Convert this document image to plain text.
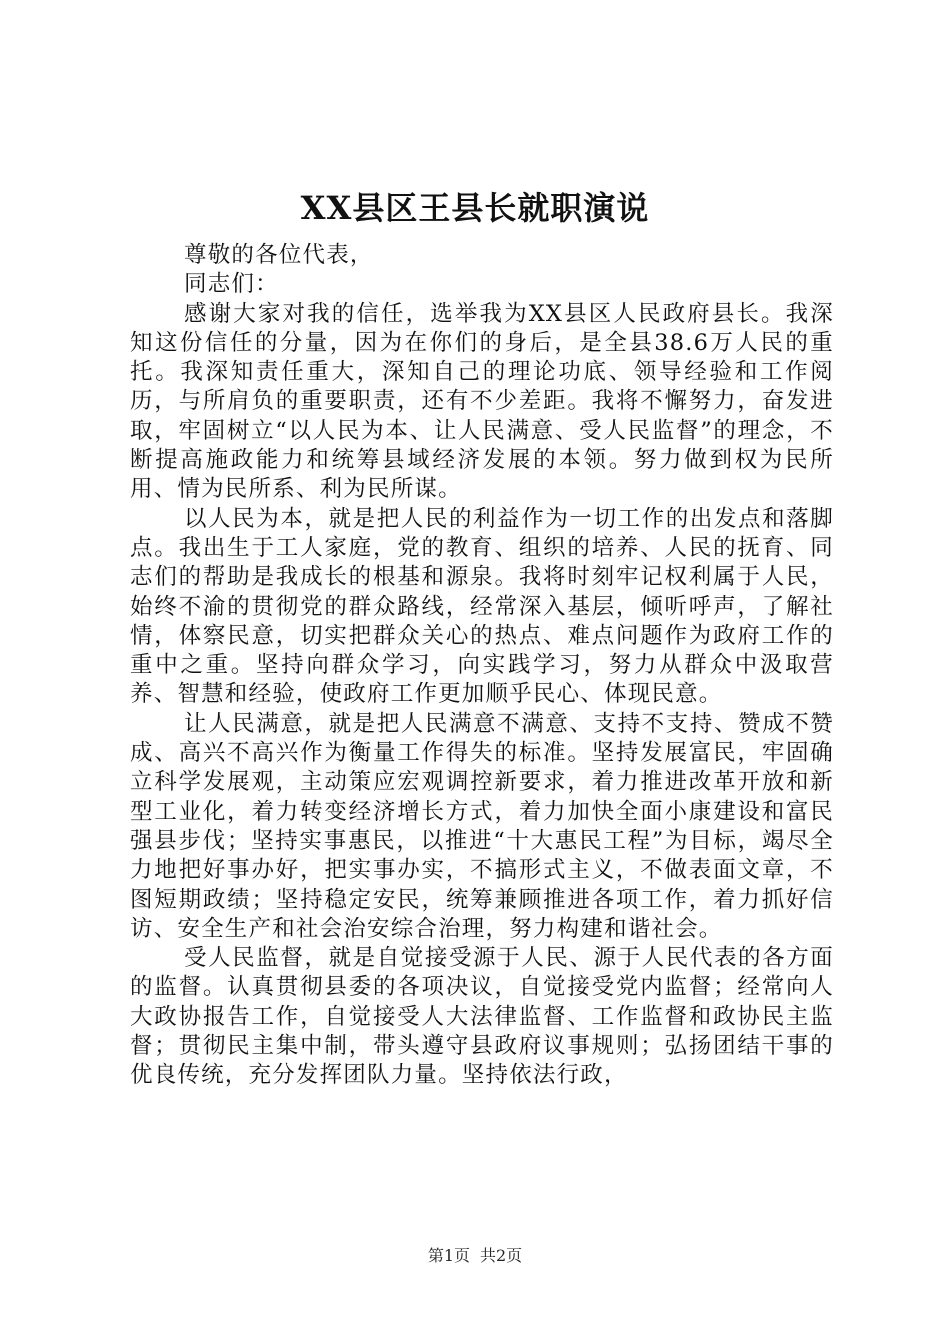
XX县区王县长就职演说

尊敬的各位代表，

同志们：

感谢大家对我的信任，选举我为XX县区人民政府县长。我深知这份信任的分量，因为在你们的身后，是全县38.6万人民的重托。我深知责任重大，深知自己的理论功底、领导经验和工作阅历，与所肩负的重要职责，还有不少差距。我将不懈努力，奋发进取，牢固树立“以人民为本、让人民满意、受人民监督”的理念，不断提高施政能力和统筹县域经济发展的本领。努力做到权为民所用、情为民所系、利为民所谋。

以人民为本，就是把人民的利益作为一切工作的出发点和落脚点。我出生于工人家庭，党的教育、组织的培养、人民的抚育、同志们的帮助是我成长的根基和源泉。我将时刻牢记权利属于人民，始终不渝的贯彻党的群众路线，经常深入基层，倾听呼声，了解社情，体察民意，切实把群众关心的热点、难点问题作为政府工作的重中之重。坚持向群众学习，向实践学习，努力从群众中汲取营养、智慧和经验，使政府工作更加顺乎民心、体现民意。

让人民满意，就是把人民满意不满意、支持不支持、赞成不赞成、高兴不高兴作为衡量工作得失的标准。坚持发展富民，牢固确立科学发展观，主动策应宏观调控新要求，着力推进改革开放和新型工业化，着力转变经济增长方式，着力加快全面小康建设和富民强县步伐；坚持实事惠民，以推进“十大惠民工程”为目标，竭尽全力地把好事办好，把实事办实，不搞形式主义，不做表面文章，不图短期政绩；坚持稳定安民，统筹兼顾推进各项工作，着力抓好信访、安全生产和社会治安综合治理，努力构建和谐社会。

受人民监督，就是自觉接受源于人民、源于人民代表的各方面的监督。认真贯彻县委的各项决议，自觉接受党内监督；经常向人大政协报告工作，自觉接受人大法律监督、工作监督和政协民主监督；贯彻民主集中制，带头遵守县政府议事规则；弘扬团结干事的优良传统，充分发挥团队力量。坚持依法行政，

第1页 共2页
